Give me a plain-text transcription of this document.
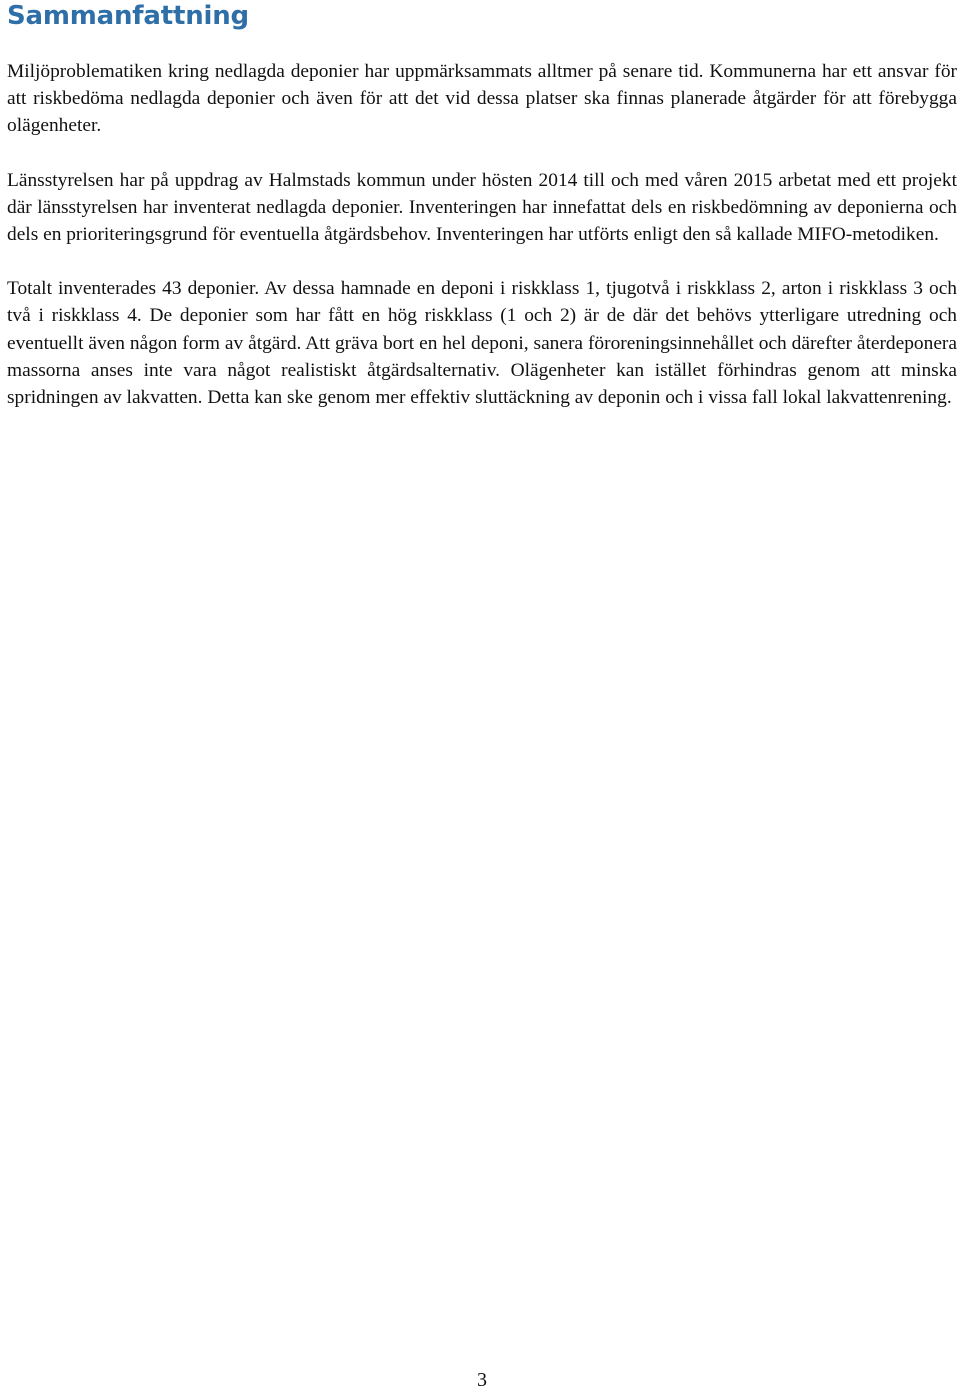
Sammanfattning

Miljöproblematiken kring nedlagda deponier har uppmärksammats alltmer på senare tid. Kommunerna har ett ansvar för att riskbedöma nedlagda deponier och även för att det vid dessa platser ska finnas planerade åtgärder för att förebygga olägenheter.

Länsstyrelsen har på uppdrag av Halmstads kommun under hösten 2014 till och med våren 2015 arbetat med ett projekt där länsstyrelsen har inventerat nedlagda deponier. Inventeringen har innefattat dels en riskbedömning av deponierna och dels en prioriteringsgrund för eventuella åtgärdsbehov. Inventeringen har utförts enligt den så kallade MIFO-metodiken.

Totalt inventerades 43 deponier. Av dessa hamnade en deponi i riskklass 1, tjugotvå i riskklass 2, arton i riskklass 3 och två i riskklass 4. De deponier som har fått en hög riskklass (1 och 2) är de där det behövs ytterligare utredning och eventuellt även någon form av åtgärd. Att gräva bort en hel deponi, sanera föroreningsinnehållet och därefter återdeponera massorna anses inte vara något realistiskt åtgärdsalternativ. Olägenheter kan istället förhindras genom att minska spridningen av lakvatten. Detta kan ske genom mer effektiv sluttäckning av deponin och i vissa fall lokal lakvattenrening.

3
